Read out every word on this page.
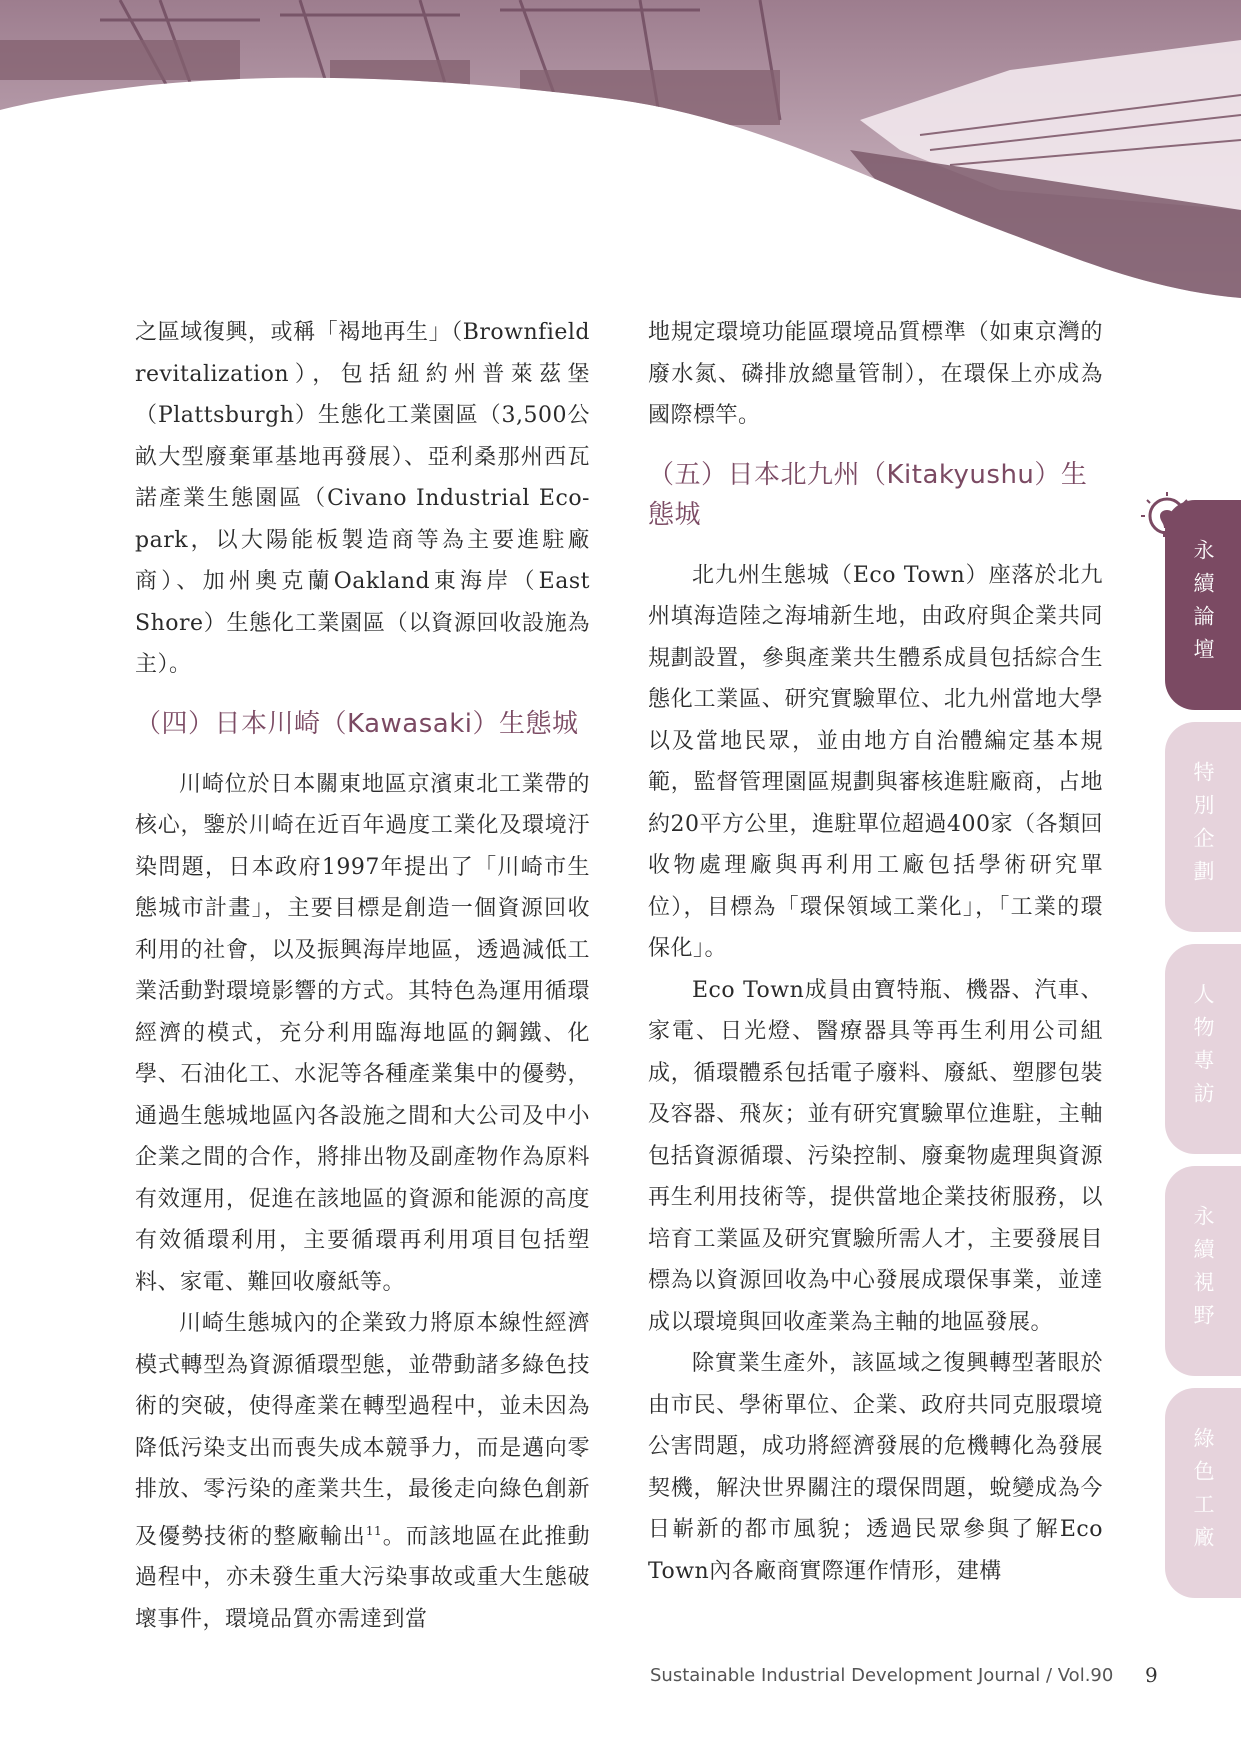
之區域復興，或稱「褐地再生」（Brownfield revitalization），包括紐約州普萊茲堡（Plattsburgh）生態化工業園區（3,500公畝大型廢棄軍基地再發展）、亞利桑那州西瓦諾產業生態園區（Civano Industrial Eco-park，以大陽能板製造商等為主要進駐廠商）、加州奧克蘭Oakland東海岸（East Shore）生態化工業園區（以資源回收設施為主）。

（四）日本川崎（Kawasaki）生態城

川崎位於日本關東地區京濱東北工業帶的核心，鑒於川崎在近百年過度工業化及環境汙染問題，日本政府1997年提出了「川崎市生態城市計畫」，主要目標是創造一個資源回收利用的社會，以及振興海岸地區，透過減低工業活動對環境影響的方式。其特色為運用循環經濟的模式，充分利用臨海地區的鋼鐵、化學、石油化工、水泥等各種產業集中的優勢，通過生態城地區內各設施之間和大公司及中小企業之間的合作，將排出物及副產物作為原料有效運用，促進在該地區的資源和能源的高度有效循環利用，主要循環再利用項目包括塑料、家電、難回收廢紙等。

川崎生態城內的企業致力將原本線性經濟模式轉型為資源循環型態，並帶動諸多綠色技術的突破，使得產業在轉型過程中，並未因為降低污染支出而喪失成本競爭力，而是邁向零排放、零污染的產業共生，最後走向綠色創新及優勢技術的整廠輸出$^{11}$。而該地區在此推動過程中，亦未發生重大污染事故或重大生態破壞事件，環境品質亦需達到當

地規定環境功能區環境品質標準（如東京灣的廢水氮、磷排放總量管制），在環保上亦成為國際標竿。

（五）日本北九州（Kitakyushu）生態城

北九州生態城（Eco Town）座落於北九州填海造陸之海埔新生地，由政府與企業共同規劃設置，參與產業共生體系成員包括綜合生態化工業區、研究實驗單位、北九州當地大學以及當地民眾，並由地方自治體編定基本規範，監督管理園區規劃與審核進駐廠商，占地約20平方公里，進駐單位超過400家（各類回收物處理廠與再利用工廠包括學術研究單位），目標為「環保領域工業化」，「工業的環保化」。

Eco Town成員由寶特瓶、機器、汽車、家電、日光燈、醫療器具等再生利用公司組成，循環體系包括電子廢料、廢紙、塑膠包裝及容器、飛灰；並有研究實驗單位進駐，主軸包括資源循環、污染控制、廢棄物處理與資源再生利用技術等，提供當地企業技術服務，以培育工業區及研究實驗所需人才，主要發展目標為以資源回收為中心發展成環保事業，並達成以環境與回收產業為主軸的地區發展。

除實業生產外，該區域之復興轉型著眼於由市民、學術單位、企業、政府共同克服環境公害問題，成功將經濟發展的危機轉化為發展契機，解決世界關注的環保問題，蛻變成為今日嶄新的都市風貌；透過民眾參與了解Eco Town內各廠商實際運作情形，建構

永續論壇
特別企劃
人物專訪
永續視野
綠色工廠
Sustainable Industrial Development Journal / Vol.90 9
